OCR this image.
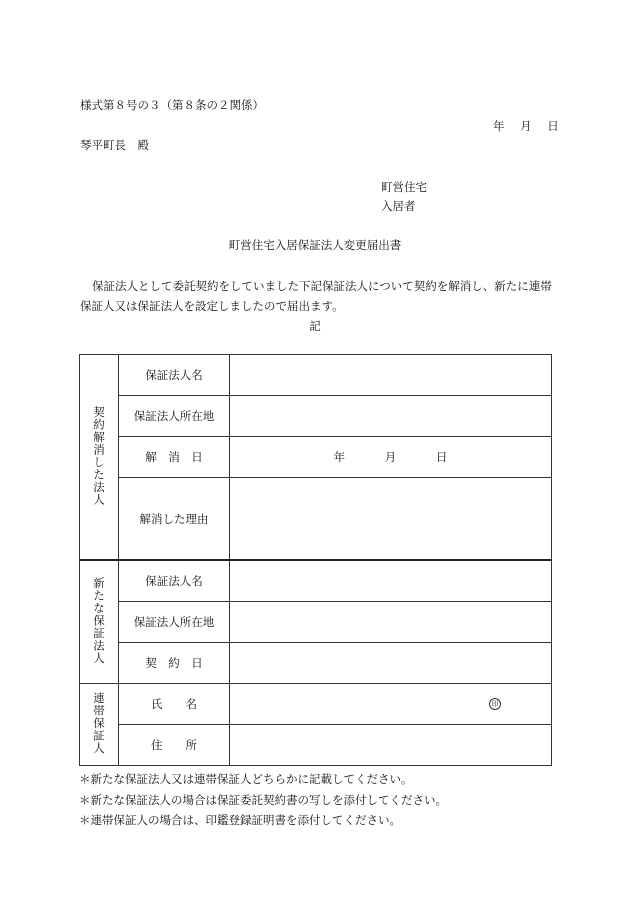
様式第８号の３（第８条の２関係）
年 月 日
琴平町長　殿
町営住宅
入居者
町営住宅入居保証法人変更届出書
保証法人として委託契約をしていました下記保証法人について契約を解消し、新たに連帯保証人又は保証法人を設定しましたので届出ます。
記
契約解消した法人	保証法人名	
	保証法人所在地	
	解　消　日	年 月 日
	解消した理由	
新たな保証法人	保証法人名	
	保証法人所在地	
	契　約　日	
連帯保証人	氏　　名	印

	住　　所	
＊新たな保証法人又は連帯保証人どちらかに記載してください。
＊新たな保証法人の場合は保証委託契約書の写しを添付してください。
＊連帯保証人の場合は、印鑑登録証明書を添付してください。
